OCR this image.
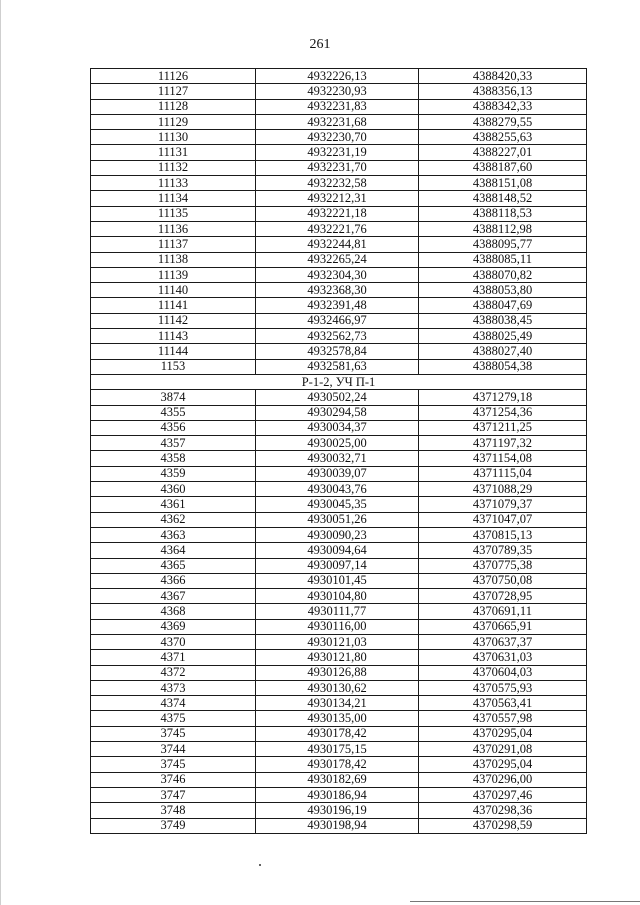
261
11126	4932226,13	4388420,33
11127	4932230,93	4388356,13
11128	4932231,83	4388342,33
11129	4932231,68	4388279,55
11130	4932230,70	4388255,63
11131	4932231,19	4388227,01
11132	4932231,70	4388187,60
11133	4932232,58	4388151,08
11134	4932212,31	4388148,52
11135	4932221,18	4388118,53
11136	4932221,76	4388112,98
11137	4932244,81	4388095,77
11138	4932265,24	4388085,11
11139	4932304,30	4388070,82
11140	4932368,30	4388053,80
11141	4932391,48	4388047,69
11142	4932466,97	4388038,45
11143	4932562,73	4388025,49
11144	4932578,84	4388027,40
1153	4932581,63	4388054,38
Р-1-2, УЧ П-1		
3874	4930502,24	4371279,18
4355	4930294,58	4371254,36
4356	4930034,37	4371211,25
4357	4930025,00	4371197,32
4358	4930032,71	4371154,08
4359	4930039,07	4371115,04
4360	4930043,76	4371088,29
4361	4930045,35	4371079,37
4362	4930051,26	4371047,07
4363	4930090,23	4370815,13
4364	4930094,64	4370789,35
4365	4930097,14	4370775,38
4366	4930101,45	4370750,08
4367	4930104,80	4370728,95
4368	4930111,77	4370691,11
4369	4930116,00	4370665,91
4370	4930121,03	4370637,37
4371	4930121,80	4370631,03
4372	4930126,88	4370604,03
4373	4930130,62	4370575,93
4374	4930134,21	4370563,41
4375	4930135,00	4370557,98
3745	4930178,42	4370295,04
3744	4930175,15	4370291,08
3745	4930178,42	4370295,04
3746	4930182,69	4370296,00
3747	4930186,94	4370297,46
3748	4930196,19	4370298,36
3749	4930198,94	4370298,59
